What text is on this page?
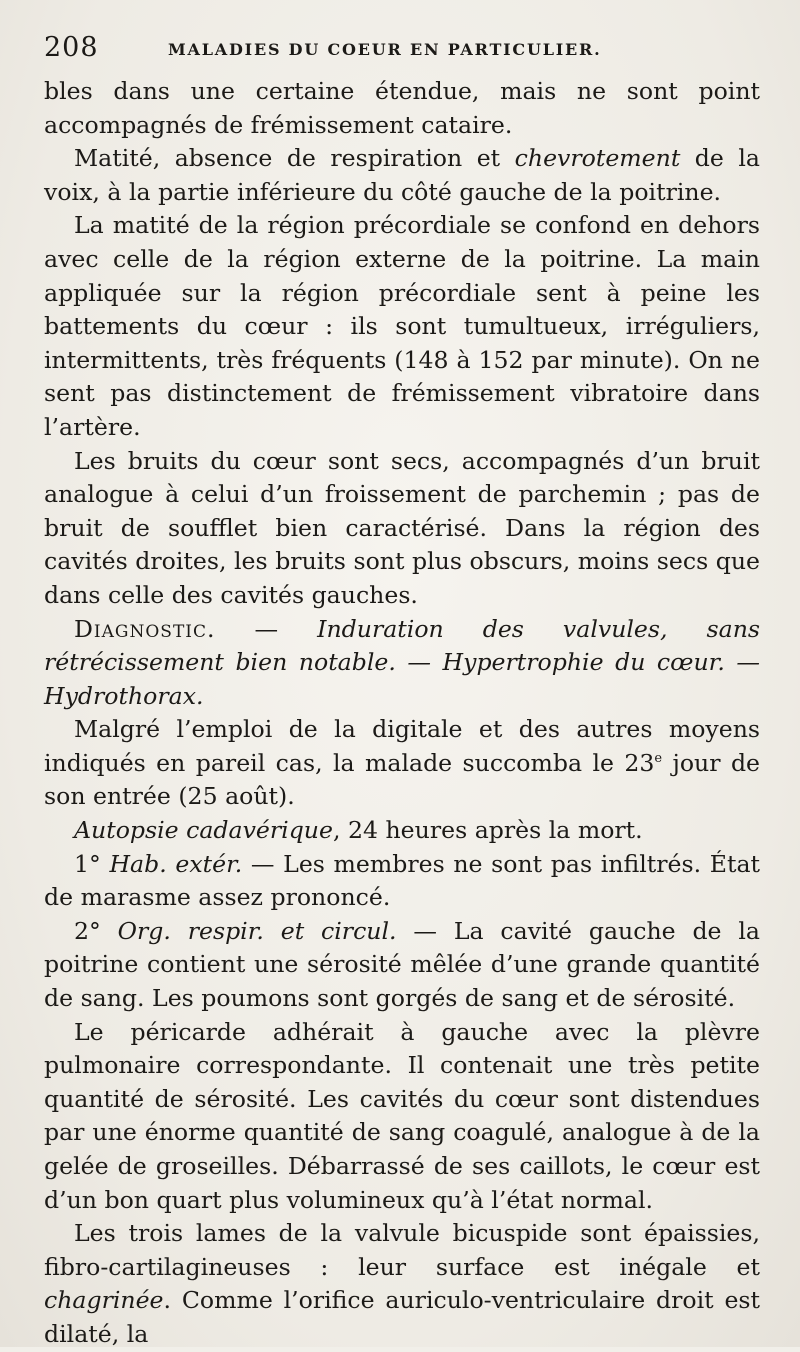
208	MALADIES DU COEUR EN PARTICULIER.

bles dans une certaine étendue, mais ne sont point accompagnés de frémissement cataire.

Matité, absence de respiration et chevrotement de la voix, à la partie inférieure du côté gauche de la poitrine.

La matité de la région précordiale se confond en dehors avec celle de la région externe de la poitrine. La main appliquée sur la région précordiale sent à peine les battements du cœur : ils sont tumultueux, irréguliers, intermittents, très fréquents (148 à 152 par minute). On ne sent pas distinctement de frémissement vibratoire dans l’artère.

Les bruits du cœur sont secs, accompagnés d’un bruit analogue à celui d’un froissement de parchemin ; pas de bruit de soufflet bien caractérisé. Dans la région des cavités droites, les bruits sont plus obscurs, moins secs que dans celle des cavités gauches.

Diagnostic. — Induration des valvules, sans rétrécissement bien notable. — Hypertrophie du cœur. — Hydrothorax.

Malgré l’emploi de la digitale et des autres moyens indiqués en pareil cas, la malade succomba le 23e jour de son entrée (25 août).

Autopsie cadavérique, 24 heures après la mort.

1° Hab. extér. — Les membres ne sont pas infiltrés. État de marasme assez prononcé.

2° Org. respir. et circul. — La cavité gauche de la poitrine contient une sérosité mêlée d’une grande quantité de sang. Les poumons sont gorgés de sang et de sérosité.

Le péricarde adhérait à gauche avec la plèvre pulmonaire correspondante. Il contenait une très petite quantité de sérosité. Les cavités du cœur sont distendues par une énorme quantité de sang coagulé, analogue à de la gelée de groseilles. Débarrassé de ses caillots, le cœur est d’un bon quart plus volumineux qu’à l’état normal.

Les trois lames de la valvule bicuspide sont épaissies, fibro-cartilagineuses : leur surface est inégale et chagrinée. Comme l’orifice auriculo-ventriculaire droit est dilaté, la
